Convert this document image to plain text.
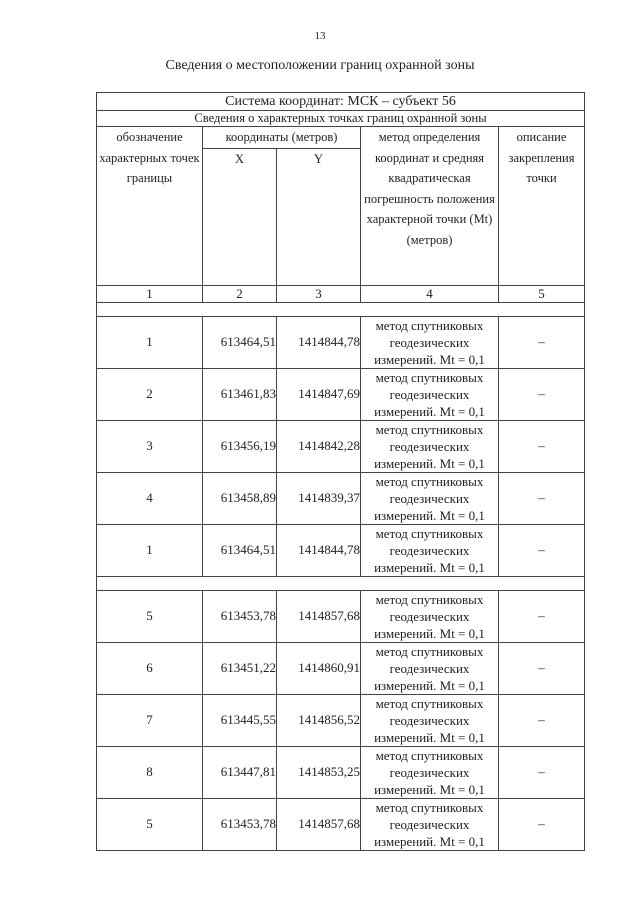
13
Сведения о местоположении границ охранной зоны
Система координат: МСК – субъект 56				
Сведения о характерных точках границ охранной зоны				
обозначение характерных точек границы	координаты (метров)		метод определения координат и средняя квадратическая погрешность положения характерной точки (Mt) (метров)	описание закрепления точки
	X	Y		
1	2	3	4	5

1	613464,51	1414844,78	метод спутниковых геодезических измерений. Mt = 0,1	–
2	613461,83	1414847,69	метод спутниковых геодезических измерений. Mt = 0,1	–
3	613456,19	1414842,28	метод спутниковых геодезических измерений. Mt = 0,1	–
4	613458,89	1414839,37	метод спутниковых геодезических измерений. Mt = 0,1	–
1	613464,51	1414844,78	метод спутниковых геодезических измерений. Mt = 0,1	–

5	613453,78	1414857,68	метод спутниковых геодезических измерений. Mt = 0,1	–
6	613451,22	1414860,91	метод спутниковых геодезических измерений. Mt = 0,1	–
7	613445,55	1414856,52	метод спутниковых геодезических измерений. Mt = 0,1	–
8	613447,81	1414853,25	метод спутниковых геодезических измерений. Mt = 0,1	–
5	613453,78	1414857,68	метод спутниковых геодезических измерений. Mt = 0,1	–
